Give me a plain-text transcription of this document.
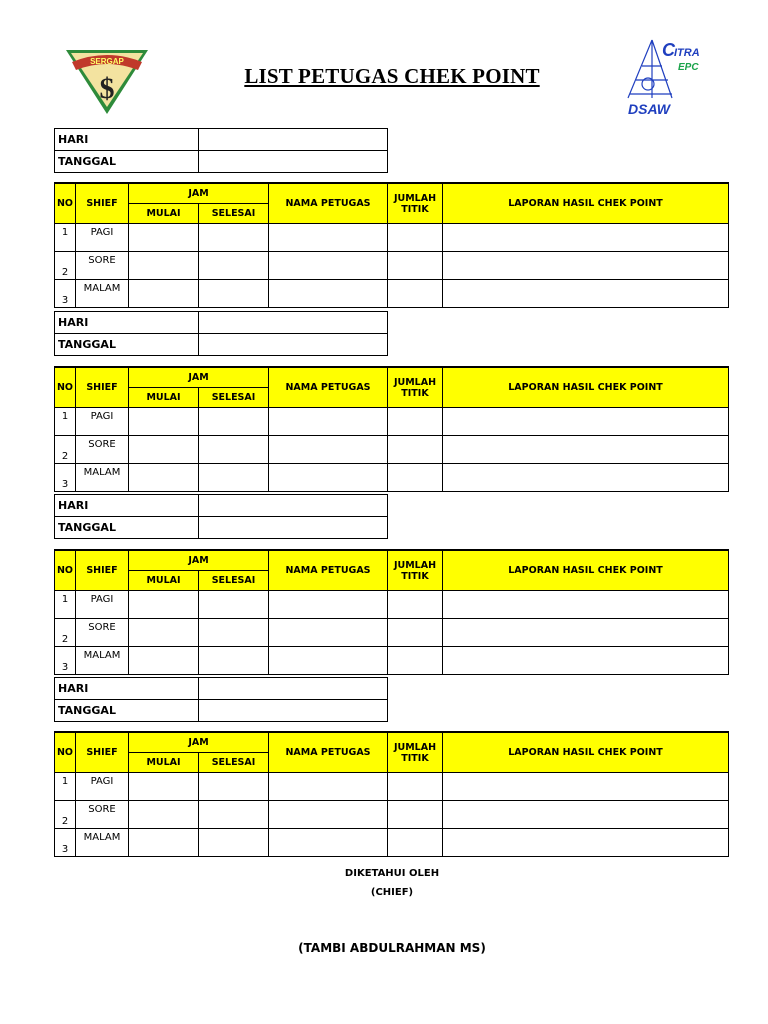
SERGAP
$
C ITRA
EPC
DSAW
LIST PETUGAS CHEK POINT
HARI	
TANGGAL	
NO	SHIEF	JAM		NAMA PETUGAS	JUMLAH TITIK	LAPORAN HASIL CHEK POINT
		MULAI	SELESAI			
1	PAGI					
2	SORE					
3	MALAM					
HARI	
TANGGAL	
NO	SHIEF	JAM		NAMA PETUGAS	JUMLAH TITIK	LAPORAN HASIL CHEK POINT
		MULAI	SELESAI			
1	PAGI					
2	SORE					
3	MALAM					
HARI	
TANGGAL	
NO	SHIEF	JAM		NAMA PETUGAS	JUMLAH TITIK	LAPORAN HASIL CHEK POINT
		MULAI	SELESAI			
1	PAGI					
2	SORE					
3	MALAM					
HARI	
TANGGAL	
NO	SHIEF	JAM		NAMA PETUGAS	JUMLAH TITIK	LAPORAN HASIL CHEK POINT
		MULAI	SELESAI			
1	PAGI					
2	SORE					
3	MALAM					
DIKETAHUI OLEH
(CHIEF)
(TAMBI ABDULRAHMAN MS)
